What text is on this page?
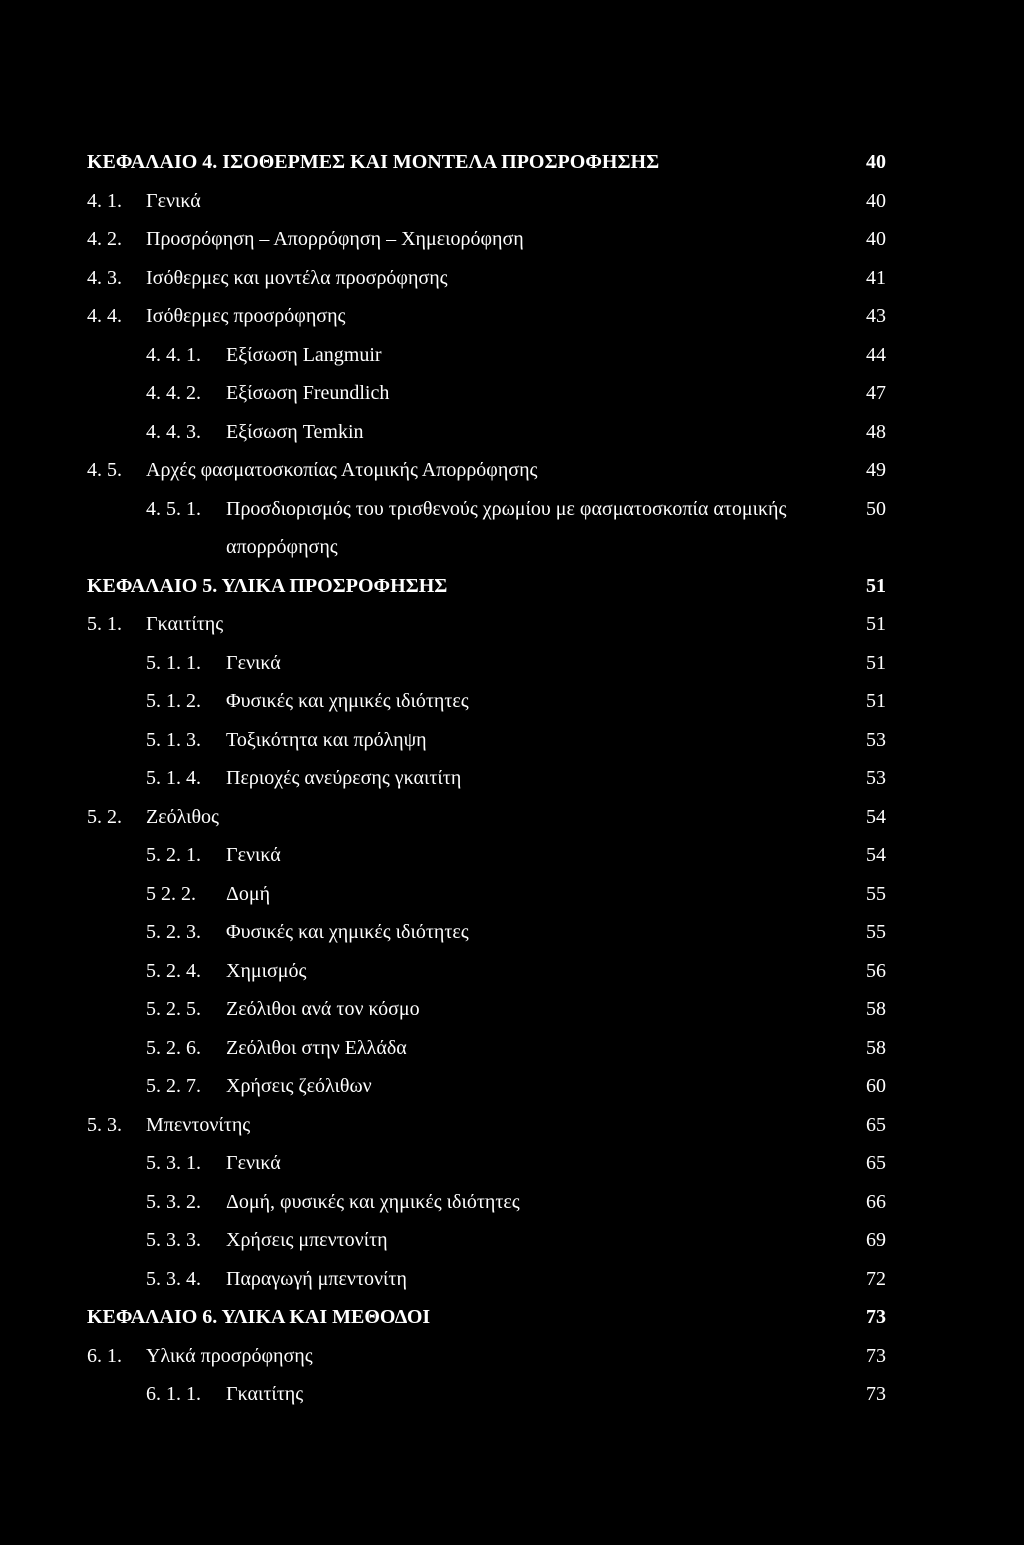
ΚΕΦΑΛΑΙΟ 4. ΙΣΟΘΕΡΜΕΣ ΚΑΙ ΜΟΝΤΕΛΑ ΠΡΟΣΡΟΦΗΣΗΣ	40
4. 1. Γενικά	40
4. 2. Προσρόφηση – Απορρόφηση – Χημειορόφηση	40
4. 3. Ισόθερμες και μοντέλα προσρόφησης	41
4. 4. Ισόθερμες προσρόφησης	43
4. 4. 1. Εξίσωση Langmuir	44
4. 4. 2. Εξίσωση Freundlich	47
4. 4. 3. Εξίσωση Temkin	48
4. 5. Αρχές φασματοσκοπίας Ατομικής Απορρόφησης	49
4. 5. 1. Προσδιορισμός του τρισθενούς χρωμίου με φασματοσκοπία ατομικής	50
απορρόφησης
ΚΕΦΑΛΑΙΟ 5. ΥΛΙΚΑ ΠΡΟΣΡΟΦΗΣΗΣ	51
5. 1. Γκαιτίτης	51
5. 1. 1. Γενικά	51
5. 1. 2. Φυσικές και χημικές ιδιότητες	51
5. 1. 3. Τοξικότητα και πρόληψη	53
5. 1. 4. Περιοχές ανεύρεσης γκαιτίτη	53
5. 2. Ζεόλιθος	54
5. 2. 1. Γενικά	54
5 2. 2. Δομή	55
5. 2. 3. Φυσικές και χημικές ιδιότητες	55
5. 2. 4. Χημισμός	56
5. 2. 5. Ζεόλιθοι ανά τον κόσμο	58
5. 2. 6. Ζεόλιθοι στην Ελλάδα	58
5. 2. 7. Χρήσεις ζεόλιθων	60
5. 3. Μπεντονίτης	65
5. 3. 1. Γενικά	65
5. 3. 2. Δομή, φυσικές και χημικές ιδιότητες	66
5. 3. 3. Χρήσεις μπεντονίτη	69
5. 3. 4. Παραγωγή μπεντονίτη	72
ΚΕΦΑΛΑΙΟ 6. ΥΛΙΚΑ ΚΑΙ ΜΕΘΟΔΟΙ	73
6. 1. Υλικά προσρόφησης	73
6. 1. 1. Γκαιτίτης	73
